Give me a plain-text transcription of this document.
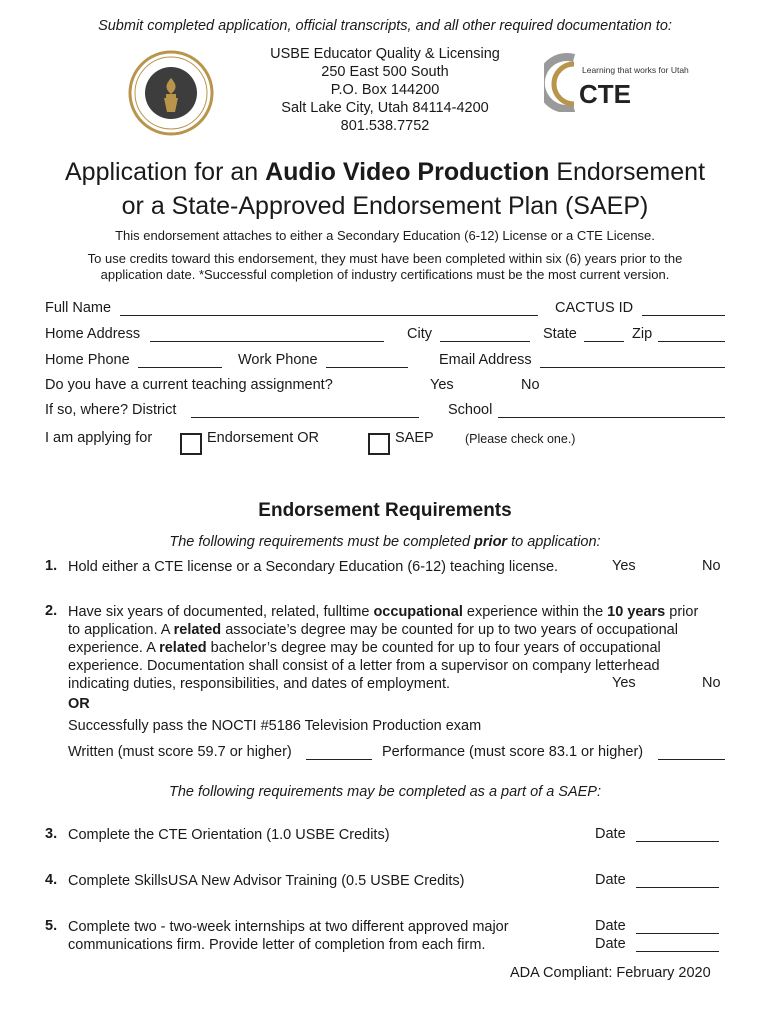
Submit completed application, official transcripts, and all other required documentation to:
USBE Educator Quality & Licensing
250 East 500 South
P.O. Box 144200
Salt Lake City, Utah 84114-4200
801.538.7752
Learning that works for Utah
CTE
Application for an Audio Video Production Endorsement
or a State-Approved Endorsement Plan (SAEP)
This endorsement attaches to either a Secondary Education (6-12) License or a CTE License.
To use credits toward this endorsement, they must have been completed within six (6) years prior to the
application date. *Successful completion of industry certifications must be the most current version.
Full Name	CACTUS ID
Home Address	City	State	Zip
Home Phone	Work Phone	Email Address
Do you have a current teaching assignment?	Yes	No
If so, where? District	School
I am applying for	Endorsement OR	SAEP	(Please check one.)
Endorsement Requirements
The following requirements must be completed prior to application:
1. Hold either a CTE license or a Secondary Education (6-12) teaching license.	Yes	No
2. Have six years of documented, related, fulltime occupational experience within the 10 years prior
to application. A related associate’s degree may be counted for up to two years of occupational
experience. A related bachelor’s degree may be counted for up to four years of occupational
experience. Documentation shall consist of a letter from a supervisor on company letterhead
indicating duties, responsibilities, and dates of employment.	Yes	No
OR
Successfully pass the NOCTI #5186 Television Production exam
Written (must score 59.7 or higher)	Performance (must score 83.1 or higher)
The following requirements may be completed as a part of a SAEP:
3. Complete the CTE Orientation (1.0 USBE Credits)	Date
4. Complete SkillsUSA New Advisor Training (0.5 USBE Credits)	Date
5. Complete two - two-week internships at two different approved major
communications firm. Provide letter of completion from each firm.
Date
Date
ADA Compliant: February 2020
